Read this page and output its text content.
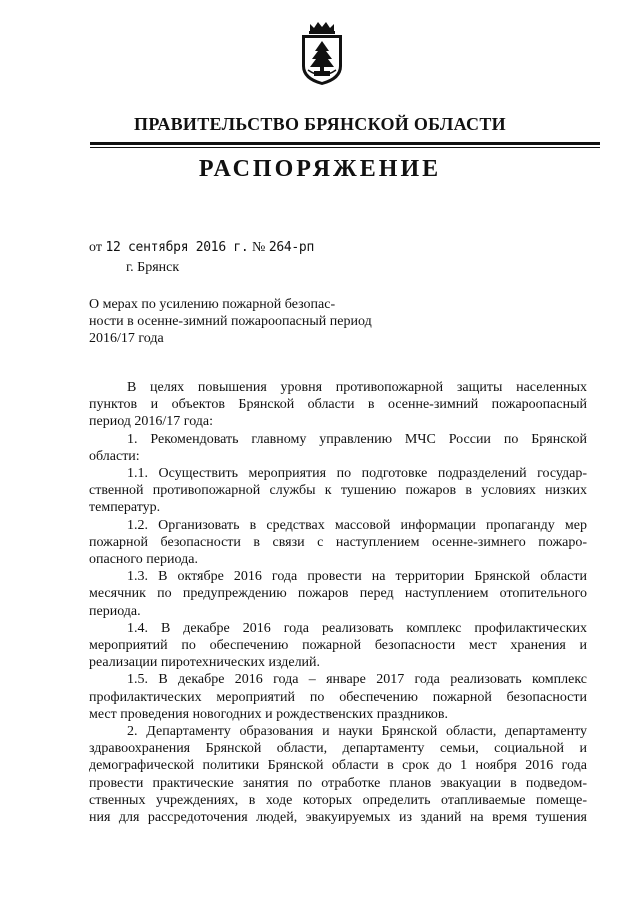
ПРАВИТЕЛЬСТВО БРЯНСКОЙ ОБЛАСТИ
РАСПОРЯЖЕНИЕ
от 12 сентября 2016 г. № 264-рп
г. Брянск
О мерах по усилению пожарной безопас-
ности в осенне-зимний пожароопасный период
2016/17 года
В целях повышения уровня противопожарной защиты населенных
пунктов и объектов Брянской области в осенне-зимний пожароопасный
период 2016/17 года:
1. Рекомендовать главному управлению МЧС России по Брянской
области:
1.1. Осуществить мероприятия по подготовке подразделений государ-
ственной противопожарной службы к тушению пожаров в условиях низких
температур.
1.2. Организовать в средствах массовой информации пропаганду мер
пожарной безопасности в связи с наступлением осенне-зимнего пожаро-
опасного периода.
1.3. В октябре 2016 года провести на территории Брянской области
месячник по предупреждению пожаров перед наступлением отопительного
периода.
1.4. В декабре 2016 года реализовать комплекс профилактических
мероприятий по обеспечению пожарной безопасности мест хранения и
реализации пиротехнических изделий.
1.5. В декабре 2016 года – январе 2017 года реализовать комплекс
профилактических мероприятий по обеспечению пожарной безопасности
мест проведения новогодних и рождественских праздников.
2. Департаменту образования и науки Брянской области, департаменту
здравоохранения Брянской области, департаменту семьи, социальной и
демографической политики Брянской области в срок до 1 ноября 2016 года
провести практические занятия по отработке планов эвакуации в подведом-
ственных учреждениях, в ходе которых определить отапливаемые помеще-
ния для рассредоточения людей, эвакуируемых из зданий на время тушения
